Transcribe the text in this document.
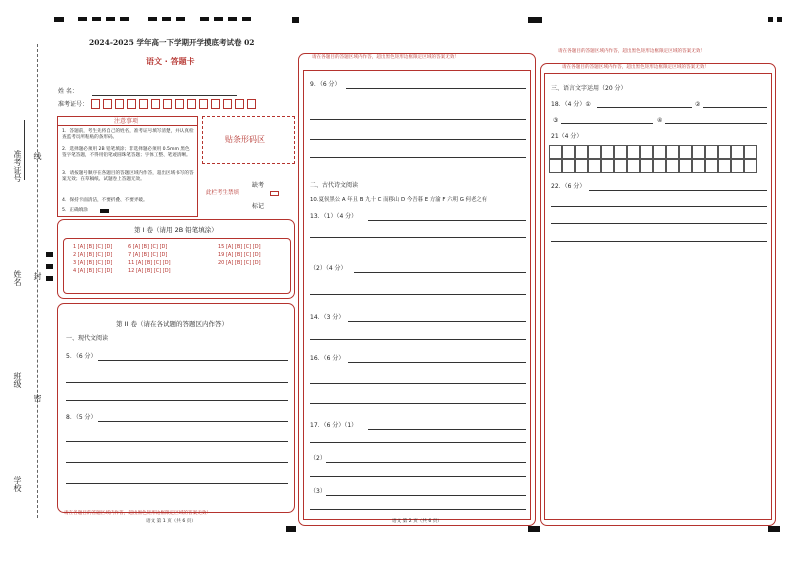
准考证号 线
姓名 封
班级
密
学校
2024-2025 学年高一下学期开学摸底考试卷 02
语文 · 答题卡
姓 名：
准考证号：
注意事项
1．答题前，考生先将自己的姓名，准考证号填写清楚，并认真检查监考员所粘贴的条形码。
2．选择题必须用 2B 铅笔填涂；非选择题必须用 0.5mm 黑色签字笔答题，不得用铅笔或圆珠笔答题；字体工整、笔迹清晰。
3．请按题号顺序在各题目的答题区域内作答，超出区域书写的答案无效；在草稿纸、试题卷上答题无效。
4．保持卡面清洁，不要折叠、不要弄破。
5．正确填涂
贴条形码区
缺考
此栏考生禁填
标记
第 I 卷（请用 2B 铅笔填涂）
1 [A] [B] [C] [D]
2 [A] [B] [C] [D]
3 [A] [B] [C] [D]
4 [A] [B] [C] [D]
6 [A] [B] [C] [D]
7 [A] [B] [C] [D]
11 [A] [B] [C] [D]
12 [A] [B] [C] [D]
15 [A] [B] [C] [D]
19 [A] [B] [C] [D]
20 [A] [B] [C] [D]
第 II 卷（请在各试题的答题区内作答）
一、现代文阅读
5．（6 分）
8．（5 分）
请在各题目的答题区域内作答，超出黑色矩形边框限定区域的答案无效！
语文 第 1 页（共 6 页）
请在各题目的答题区域内作答，超出黑色矩形边框限定区域的答案无效！
9．（6 分）
二、古代诗文阅读
10.夏侯黑公 A 年且 B 九十 C 而移山 D 今吾暮 E 方渝 F 六明 G 何老之有
13．（1）（4 分）
（2）（4 分）
14．（3 分）
16．（6 分）
17．（6 分）（1）
（2）
（3）
语文 第 2 页（共 6 页）
请在各题目的答题区域内作答，超出黑色矩形边框限定区域的答案无效！
请在各题目的答题区域内作答，超出黑色矩形边框限定区域的答案无效！
三、语言文字运用（20 分）
18．（4 分）①	②
③	④
21（4 分）
22．（6 分）
